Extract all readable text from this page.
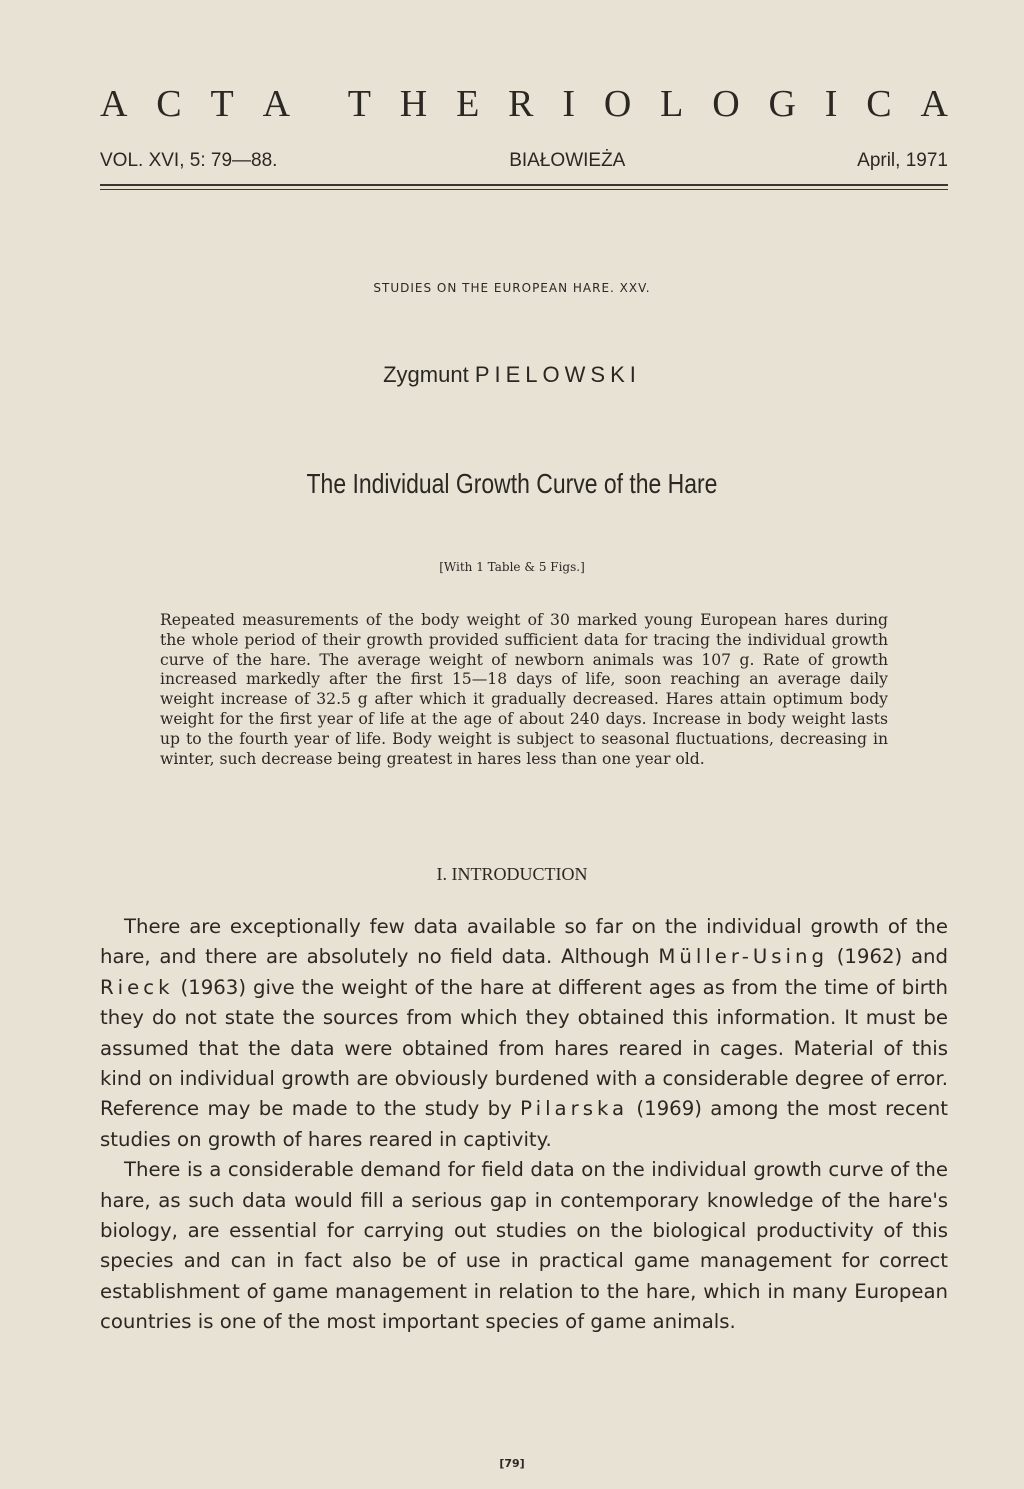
A C T A T H E R I O L O G I C A
VOL. XVI, 5: 79—88.	BIAŁOWIEŻA	April, 1971
STUDIES ON THE EUROPEAN HARE. XXV.
Zygmunt PIELOWSKI
The Individual Growth Curve of the Hare
[With 1 Table & 5 Figs.]

Repeated measurements of the body weight of 30 marked young European hares during the whole period of their growth provided sufficient data for tracing the individual growth curve of the hare. The average weight of newborn animals was 107 g. Rate of growth increased markedly after the first 15—18 days of life, soon reaching an average daily weight increase of 32.5 g after which it gradually decreased. Hares attain optimum body weight for the first year of life at the age of about 240 days. Increase in body weight lasts up to the fourth year of life. Body weight is subject to seasonal fluctuations, decreasing in winter, such decrease being greatest in hares less than one year old.

I. INTRODUCTION

There are exceptionally few data available so far on the individual growth of the hare, and there are absolutely no field data. Although Müller-Using (1962) and Rieck (1963) give the weight of the hare at different ages as from the time of birth they do not state the sources from which they obtained this information. It must be assumed that the data were obtained from hares reared in cages. Material of this kind on individual growth are obviously burdened with a considerable degree of error. Reference may be made to the study by Pilarska (1969) among the most recent studies on growth of hares reared in captivity.

There is a considerable demand for field data on the individual growth curve of the hare, as such data would fill a serious gap in contemporary knowledge of the hare's biology, are essential for carrying out studies on the biological productivity of this species and can in fact also be of use in practical game management for correct establishment of game management in relation to the hare, which in many European countries is one of the most important species of game animals.

[79]
